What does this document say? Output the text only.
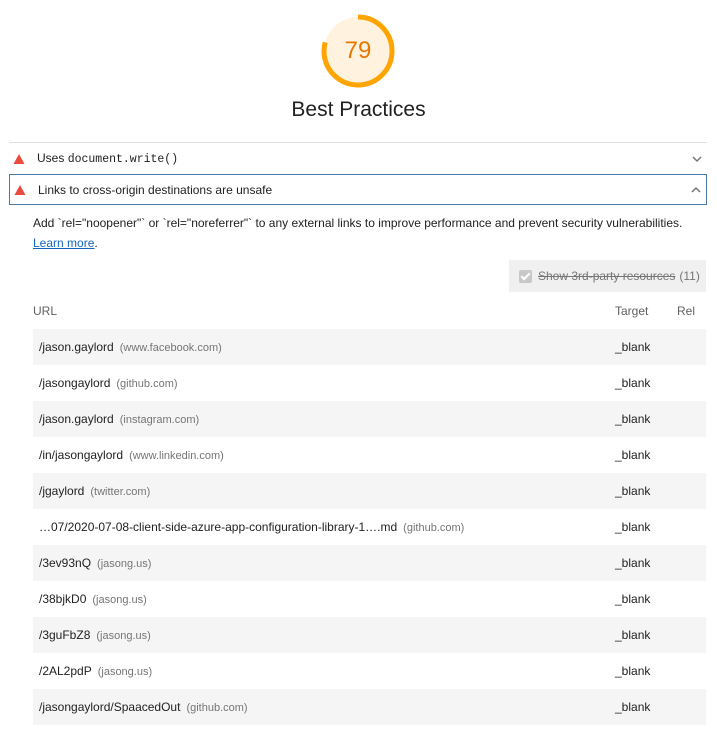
79
Best Practices
Uses document.write()
Links to cross-origin destinations are unsafe
Add `rel="noopener"` or `rel="noreferrer"` to any external links to improve performance and prevent security vulnerabilities.
Learn more.
Show 3rd-party resources (11)
URL	Target	Rel
/jason.gaylord (www.facebook.com)	_blank
/jasongaylord (github.com)	_blank
/jason.gaylord (instagram.com)	_blank
/in/jasongaylord (www.linkedin.com)	_blank
/jgaylord (twitter.com)	_blank
…07/2020-07-08-client-side-azure-app-configuration-library-1….md (github.com)	_blank
/3ev93nQ (jasong.us)	_blank
/38bjkD0 (jasong.us)	_blank
/3guFbZ8 (jasong.us)	_blank
/2AL2pdP (jasong.us)	_blank
/jasongaylord/SpaacedOut (github.com)	_blank
